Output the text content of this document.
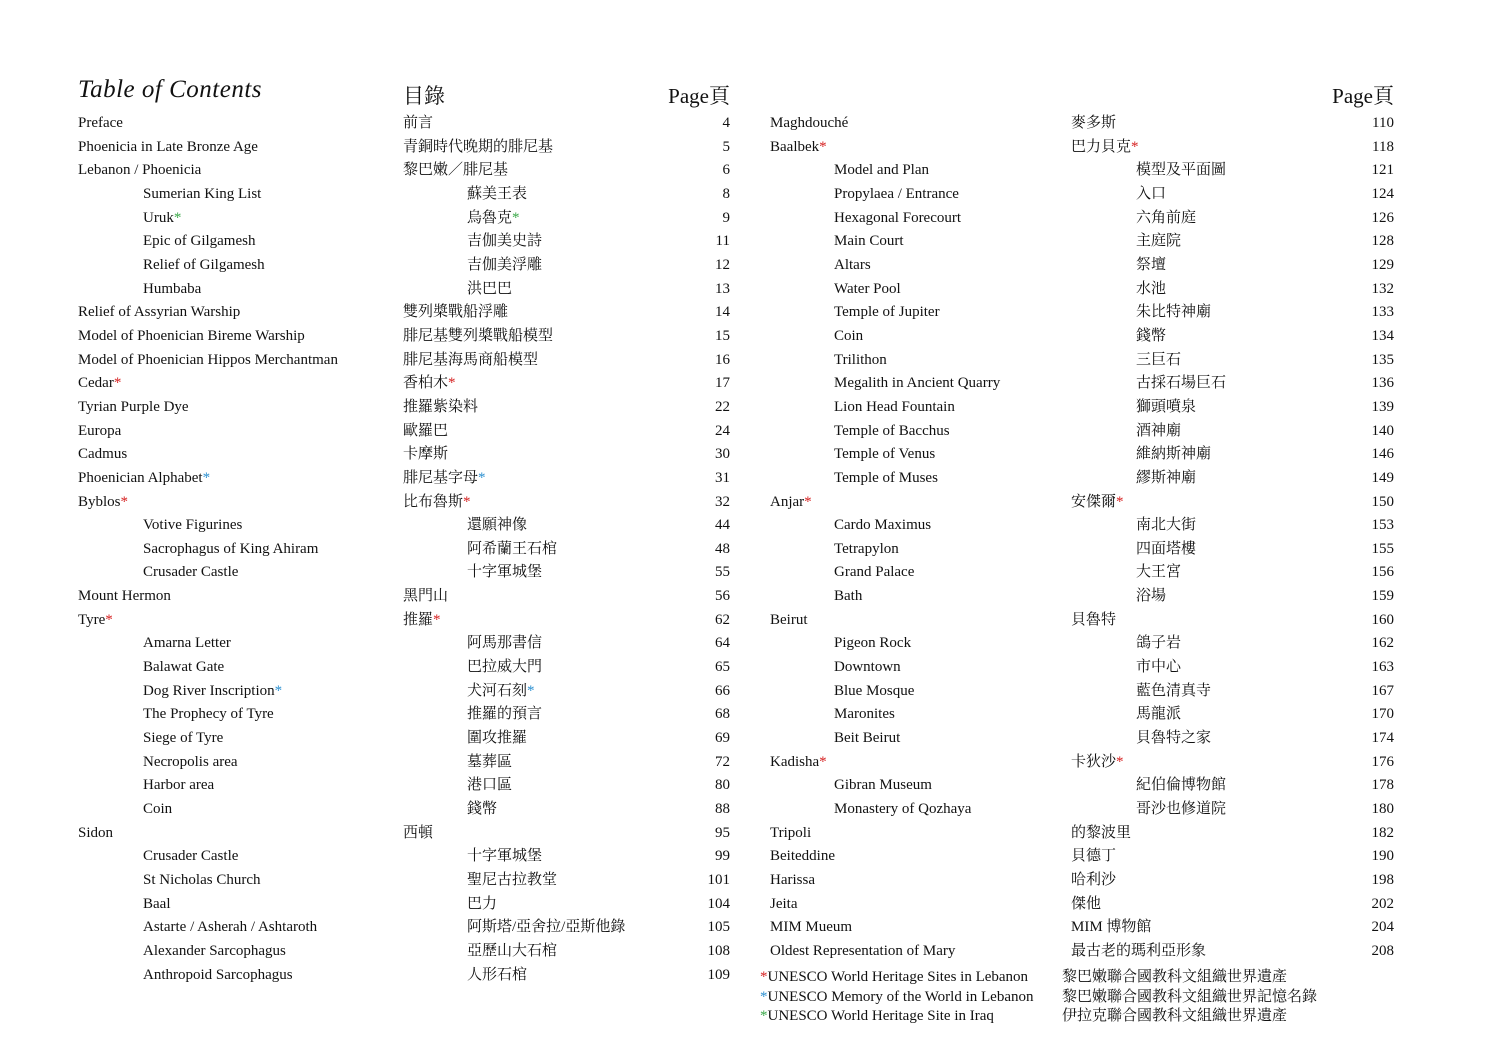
Table of Contents	目錄	Page頁	Page頁
Preface	前言	4
Phoenicia in Late Bronze Age	青銅時代晚期的腓尼基	5
Lebanon / Phoenicia	黎巴嫩／腓尼基	6
Sumerian King List	蘇美王表	8
Uruk*	烏魯克*	9
Epic of Gilgamesh	吉伽美史詩	11
Relief of Gilgamesh	吉伽美浮雕	12
Humbaba	洪巴巴	13
Relief of Assyrian Warship	雙列槳戰船浮雕	14
Model of Phoenician Bireme Warship	腓尼基雙列槳戰船模型	15
Model of Phoenician Hippos Merchantman	腓尼基海馬商船模型	16
Cedar*	香柏木*	17
Tyrian Purple Dye	推羅紫染料	22
Europa	歐羅巴	24
Cadmus	卡摩斯	30
Phoenician Alphabet*	腓尼基字母*	31
Byblos*	比布魯斯*	32
Votive Figurines	還願神像	44
Sacrophagus of King Ahiram	阿希蘭王石棺	48
Crusader Castle	十字軍城堡	55
Mount Hermon	黑門山	56
Tyre*	推羅*	62
Amarna Letter	阿馬那書信	64
Balawat Gate	巴拉威大門	65
Dog River Inscription*	犬河石刻*	66
The Prophecy of Tyre	推羅的預言	68
Siege of Tyre	圍攻推羅	69
Necropolis area	墓葬區	72
Harbor area	港口區	80
Coin	錢幣	88
Sidon	西頓	95
Crusader Castle	十字軍城堡	99
St Nicholas Church	聖尼古拉教堂	101
Baal	巴力	104
Astarte / Asherah / Ashtaroth	阿斯塔/亞舍拉/亞斯他錄	105
Alexander Sarcophagus	亞歷山大石棺	108
Anthropoid Sarcophagus	人形石棺	109
Maghdouché	麥多斯	110
Baalbek*	巴力貝克*	118
Model and Plan	模型及平面圖	121
Propylaea / Entrance	入口	124
Hexagonal Forecourt	六角前庭	126
Main Court	主庭院	128
Altars	祭壇	129
Water Pool	水池	132
Temple of Jupiter	朱比特神廟	133
Coin	錢幣	134
Trilithon	三巨石	135
Megalith in Ancient Quarry	古採石場巨石	136
Lion Head Fountain	獅頭噴泉	139
Temple of Bacchus	酒神廟	140
Temple of Venus	維納斯神廟	146
Temple of Muses	繆斯神廟	149
Anjar*	安傑爾*	150
Cardo Maximus	南北大街	153
Tetrapylon	四面塔樓	155
Grand Palace	大王宮	156
Bath	浴場	159
Beirut	貝魯特	160
Pigeon Rock	鴿子岩	162
Downtown	市中心	163
Blue Mosque	藍色清真寺	167
Maronites	馬龍派	170
Beit Beirut	貝魯特之家	174
Kadisha*	卡狄沙*	176
Gibran Museum	紀伯倫博物館	178
Monastery of Qozhaya	哥沙也修道院	180
Tripoli	的黎波里	182
Beiteddine	貝德丁	190
Harissa	哈利沙	198
Jeita	傑他	202
MIM Mueum	MIM 博物館	204
Oldest Representation of Mary	最古老的瑪利亞形象	208
*UNESCO World Heritage Sites in Lebanon 黎巴嫩聯合國教科文組織世界遺產
*UNESCO Memory of the World in Lebanon 黎巴嫩聯合國教科文組織世界記憶名錄
*UNESCO World Heritage Site in Iraq	伊拉克聯合國教科文組織世界遺產
